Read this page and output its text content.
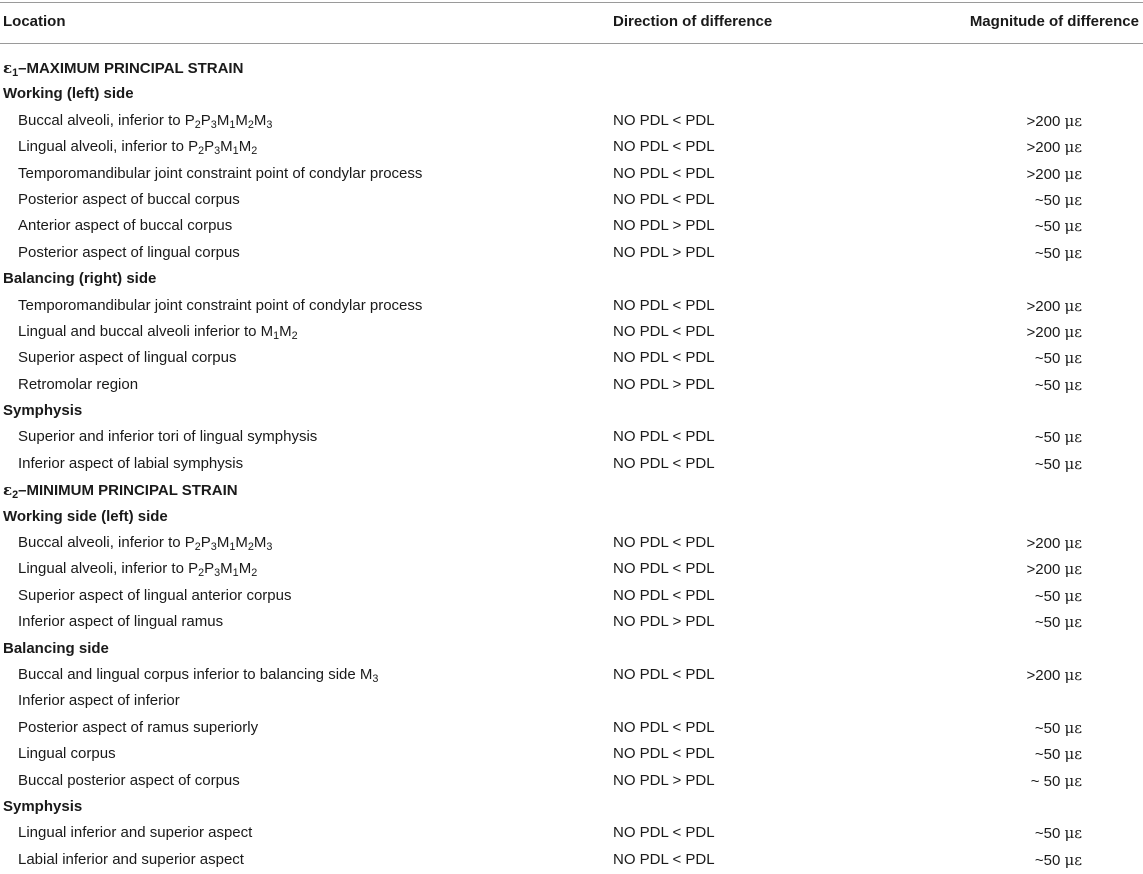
Location	Direction of difference	Magnitude of difference
$\varepsilon_1$–MAXIMUM PRINCIPAL STRAIN
Working (left) side
Buccal alveoli, inferior to $P_2P_3M_1M_2M_3$	NO PDL < PDL	>200 με
Lingual alveoli, inferior to $P_2P_3M_1M_2$	NO PDL < PDL	>200 με
Temporomandibular joint constraint point of condylar process	NO PDL < PDL	>200 με
Posterior aspect of buccal corpus	NO PDL < PDL	~50 με
Anterior aspect of buccal corpus	NO PDL > PDL	~50 με
Posterior aspect of lingual corpus	NO PDL > PDL	~50 με
Balancing (right) side
Temporomandibular joint constraint point of condylar process	NO PDL < PDL	>200 με
Lingual and buccal alveoli inferior to $M_1M_2$	NO PDL < PDL	>200 με
Superior aspect of lingual corpus	NO PDL < PDL	~50 με
Retromolar region	NO PDL > PDL	~50 με
Symphysis
Superior and inferior tori of lingual symphysis	NO PDL < PDL	~50 με
Inferior aspect of labial symphysis	NO PDL < PDL	~50 με
$\varepsilon_2$–MINIMUM PRINCIPAL STRAIN
Working side (left) side
Buccal alveoli, inferior to $P_2P_3M_1M_2M_3$	NO PDL < PDL	>200 με
Lingual alveoli, inferior to $P_2P_3M_1M_2$	NO PDL < PDL	>200 με
Superior aspect of lingual anterior corpus	NO PDL < PDL	~50 με
Inferior aspect of lingual ramus	NO PDL > PDL	~50 με
Balancing side
Buccal and lingual corpus inferior to balancing side $M_3$	NO PDL < PDL	>200 με
Inferior aspect of inferior
Posterior aspect of ramus superiorly	NO PDL < PDL	~50 με
Lingual corpus	NO PDL < PDL	~50 με
Buccal posterior aspect of corpus	NO PDL > PDL	~ 50 με
Symphysis
Lingual inferior and superior aspect	NO PDL < PDL	~50 με
Labial inferior and superior aspect	NO PDL < PDL	~50 με
